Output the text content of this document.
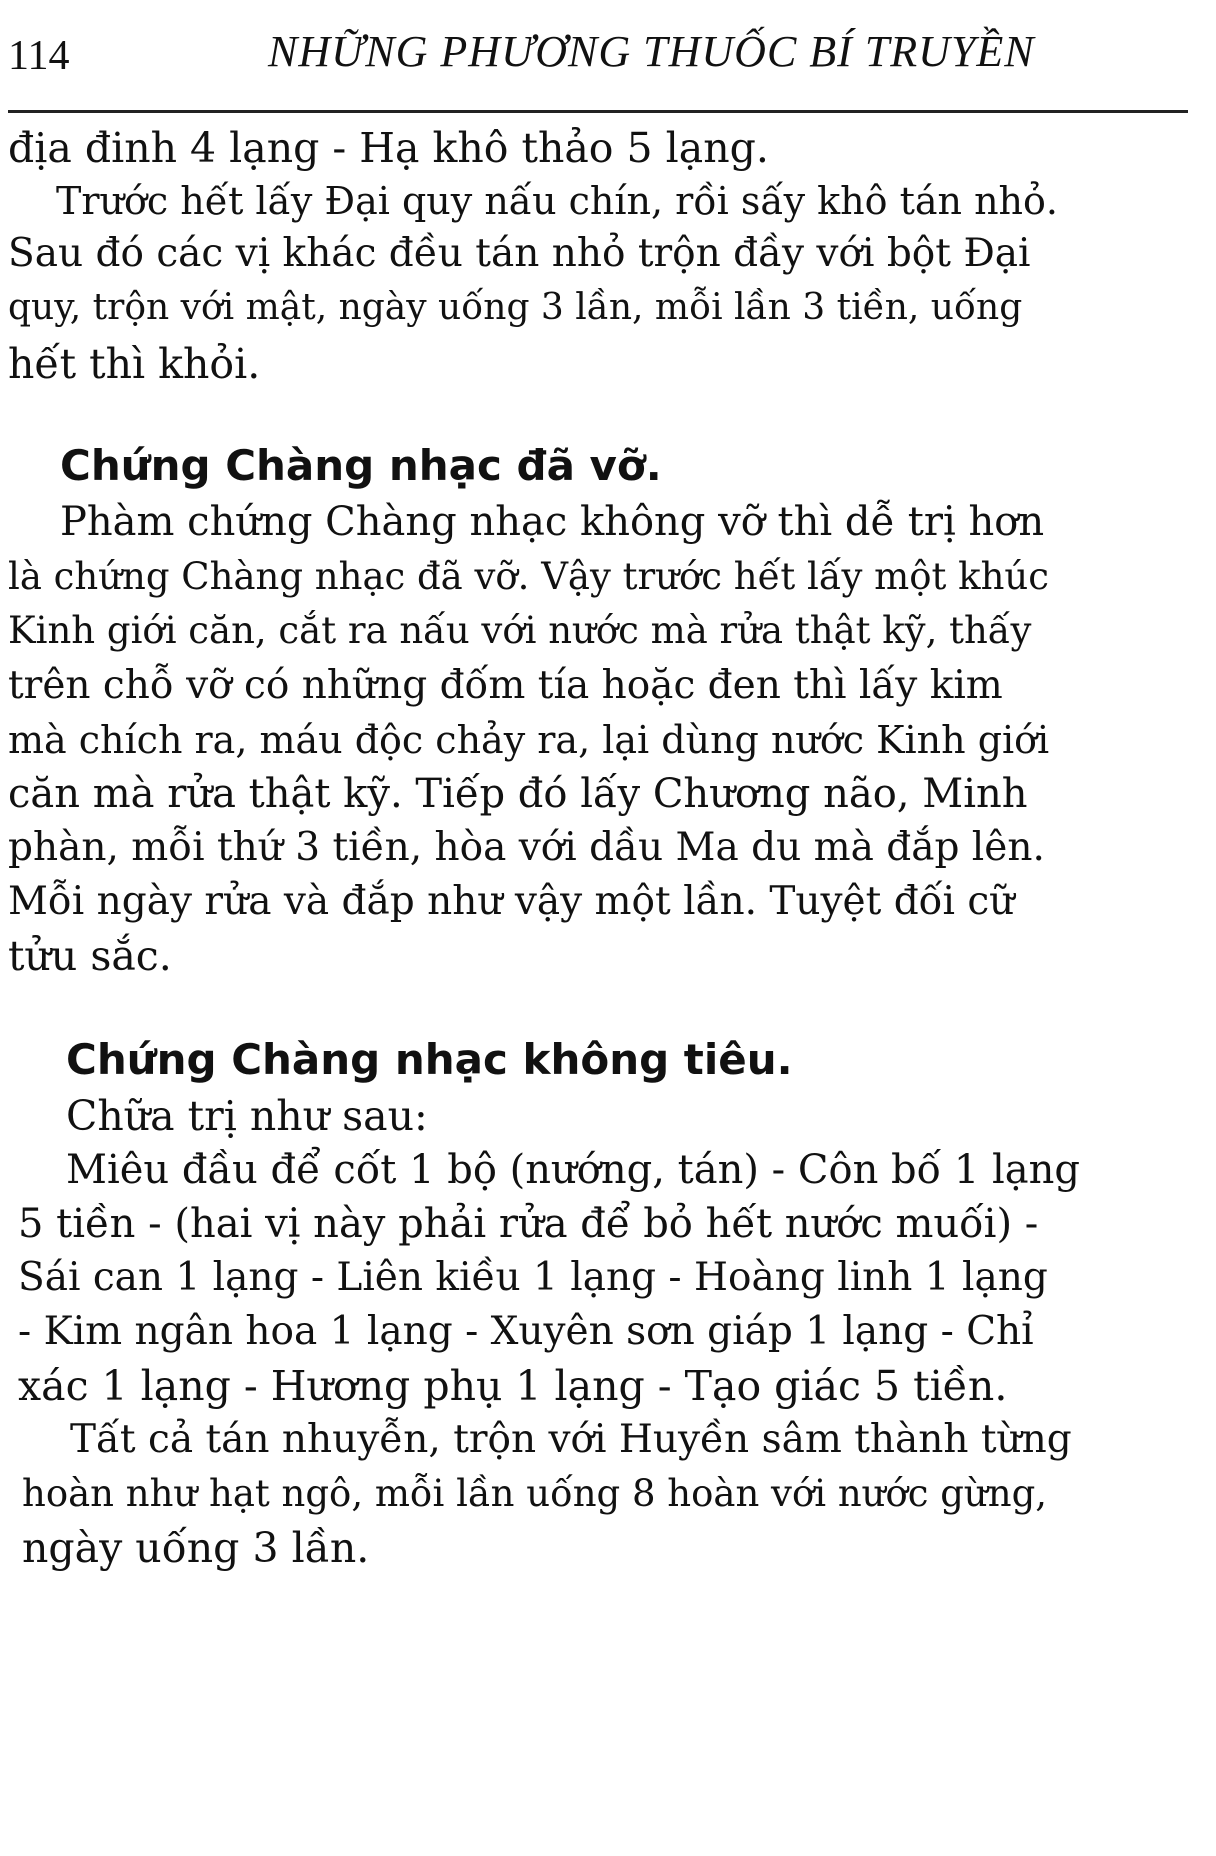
114	NHỮNG PHƯƠNG THUỐC BÍ TRUYỀN
địa đinh 4 lạng - Hạ khô thảo 5 lạng.
Trước hết lấy Đại quy nấu chín, rồi sấy khô tán nhỏ.
Sau đó các vị khác đều tán nhỏ trộn đầy với bột Đại
quy, trộn với mật, ngày uống 3 lần, mỗi lần 3 tiền, uống
hết thì khỏi.
Chứng Chàng nhạc đã vỡ.
Phàm chứng Chàng nhạc không vỡ thì dễ trị hơn
là chứng Chàng nhạc đã vỡ. Vậy trước hết lấy một khúc
Kinh giới căn, cắt ra nấu với nước mà rửa thật kỹ, thấy
trên chỗ vỡ có những đốm tía hoặc đen thì lấy kim
mà chích ra, máu độc chảy ra, lại dùng nước Kinh giới
căn mà rửa thật kỹ. Tiếp đó lấy Chương não, Minh
phàn, mỗi thứ 3 tiền, hòa với dầu Ma du mà đắp lên.
Mỗi ngày rửa và đắp như vậy một lần. Tuyệt đối cữ
tửu sắc.
Chứng Chàng nhạc không tiêu.
Chữa trị như sau:
Miêu đầu để cốt 1 bộ (nướng, tán) - Côn bố 1 lạng
5 tiền - (hai vị này phải rửa để bỏ hết nước muối) -
Sái can 1 lạng - Liên kiều 1 lạng - Hoàng linh 1 lạng
- Kim ngân hoa 1 lạng - Xuyên sơn giáp 1 lạng - Chỉ
xác 1 lạng - Hương phụ 1 lạng - Tạo giác 5 tiền.
Tất cả tán nhuyễn, trộn với Huyền sâm thành từng
hoàn như hạt ngô, mỗi lần uống 8 hoàn với nước gừng,
ngày uống 3 lần.
